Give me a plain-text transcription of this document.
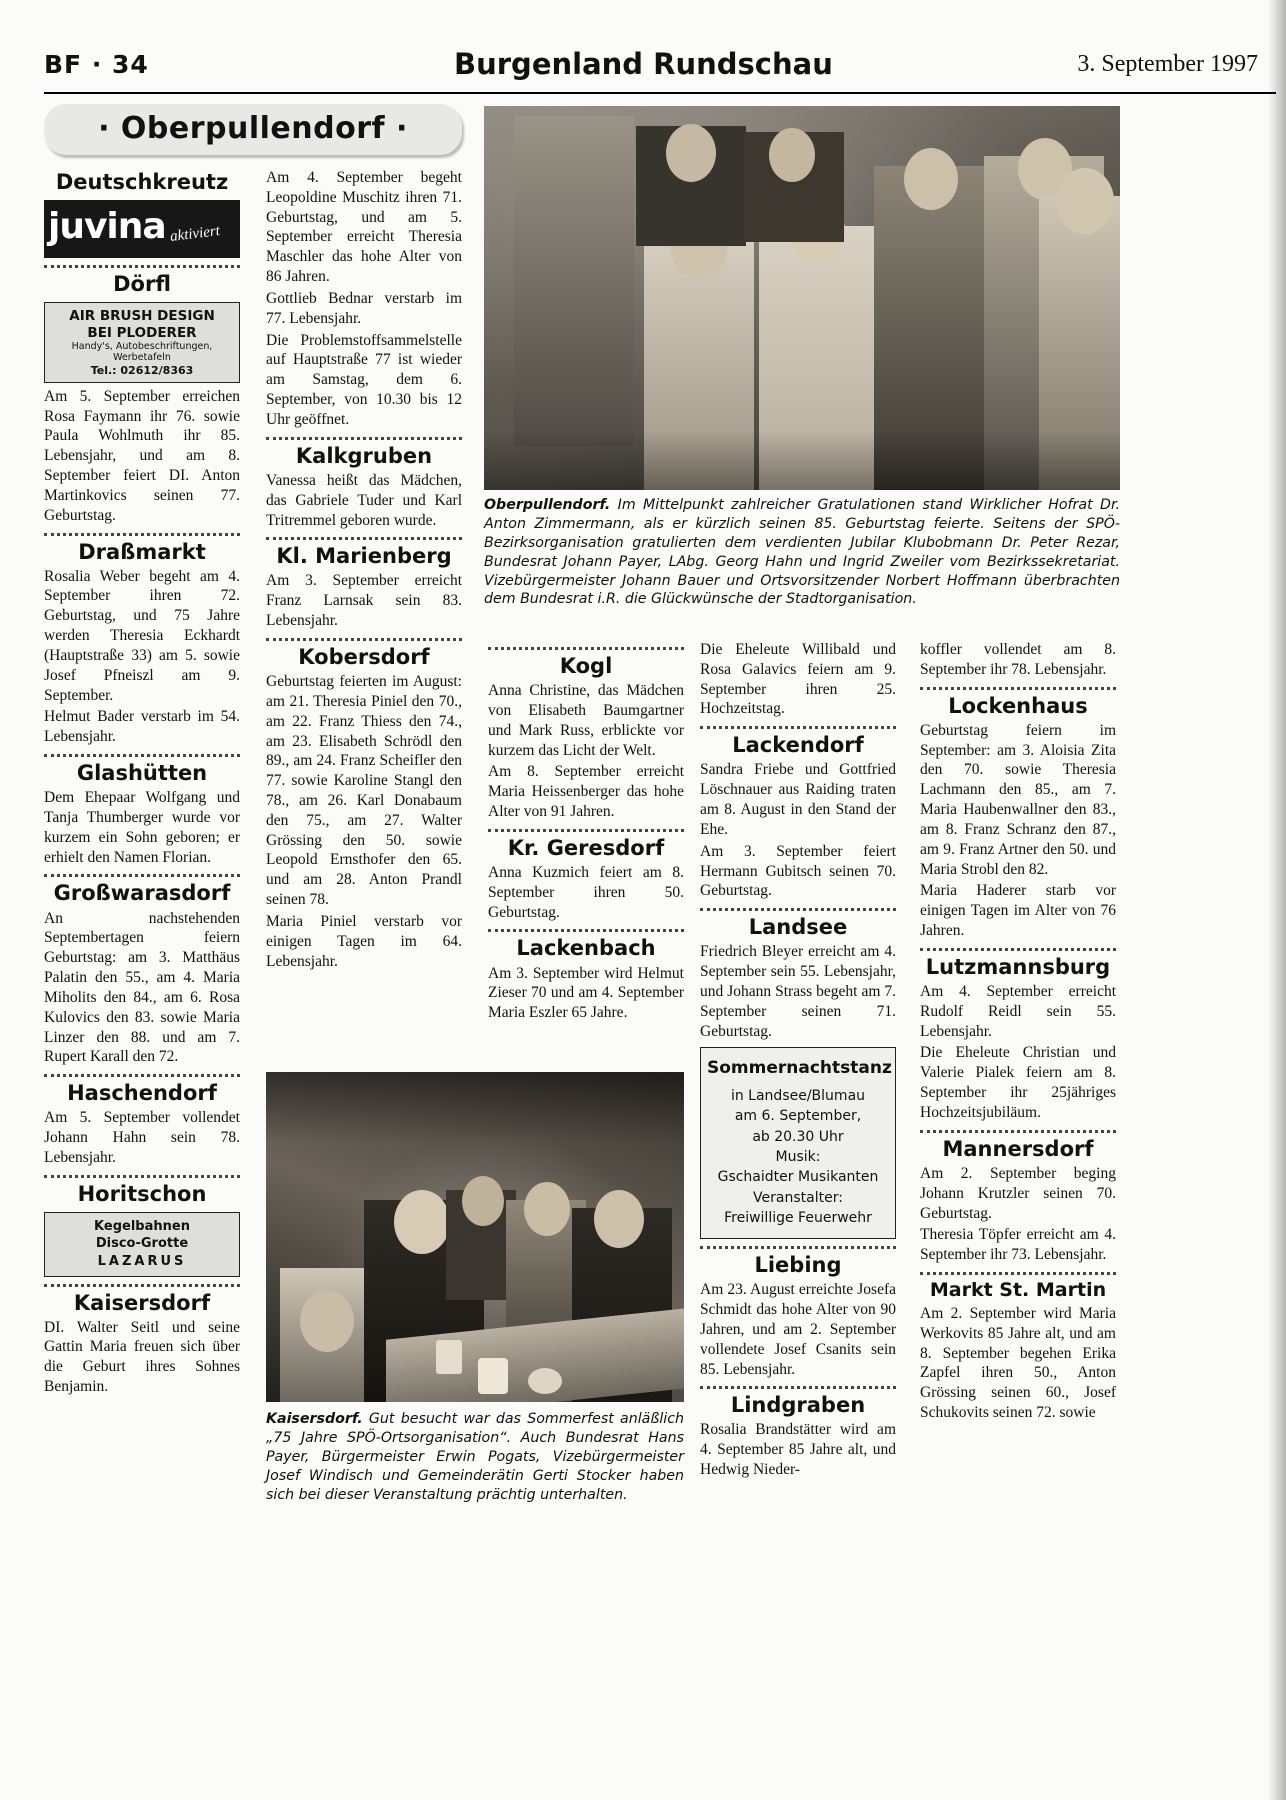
BF · 34	Burgenland Rundschau	3. September 1997
· Oberpullendorf ·
Deutschkreutz
juvina aktiviert
Dörfl
AIR BRUSH DESIGN
BEI PLODERER
Handy's, Autobeschriftungen, Werbetafeln
Tel.: 02612/8363

Am 5. September erreichen Rosa Faymann ihr 76. sowie Paula Wohlmuth ihr 85. Lebensjahr, und am 8. September feiert DI. Anton Martinkovics seinen 77. Geburtstag.

Draßmarkt

Rosalia Weber begeht am 4. September ihren 72. Geburtstag, und 75 Jahre werden Theresia Eckhardt (Hauptstraße 33) am 5. sowie Josef Pfneiszl am 9. September.

Helmut Bader verstarb im 54. Lebensjahr.

Glashütten

Dem Ehepaar Wolfgang und Tanja Thumberger wurde vor kurzem ein Sohn geboren; er erhielt den Namen Florian.

Großwarasdorf

An nachstehenden Septembertagen feiern Geburtstag: am 3. Matthäus Palatin den 55., am 4. Maria Miholits den 84., am 6. Rosa Kulovics den 83. sowie Maria Linzer den 88. und am 7. Rupert Karall den 72.

Haschendorf

Am 5. September vollendet Johann Hahn sein 78. Lebensjahr.

Horitschon
Kegelbahnen
Disco-Grotte
LAZARUS
Kaisersdorf

DI. Walter Seitl und seine Gattin Maria freuen sich über die Geburt ihres Sohnes Benjamin.

Am 4. September begeht Leopoldine Muschitz ihren 71. Geburtstag, und am 5. September erreicht Theresia Maschler das hohe Alter von 86 Jahren.

Gottlieb Bednar verstarb im 77. Lebensjahr.

Die Problemstoffsammelstelle auf Hauptstraße 77 ist wieder am Samstag, dem 6. September, von 10.30 bis 12 Uhr geöffnet.

Kalkgruben

Vanessa heißt das Mädchen, das Gabriele Tuder und Karl Tritremmel geboren wurde.

Kl. Marienberg

Am 3. September erreicht Franz Larnsak sein 83. Lebensjahr.

Kobersdorf

Geburtstag feierten im August: am 21. Theresia Piniel den 70., am 22. Franz Thiess den 74., am 23. Elisabeth Schrödl den 89., am 24. Franz Scheifler den 77. sowie Karoline Stangl den 78., am 26. Karl Donabaum den 75., am 27. Walter Grössing den 50. sowie Leopold Ernsthofer den 65. und am 28. Anton Prandl seinen 78.

Maria Piniel verstarb vor einigen Tagen im 64. Lebensjahr.

Kogl

Anna Christine, das Mädchen von Elisabeth Baumgartner und Mark Russ, erblickte vor kurzem das Licht der Welt.

Am 8. September erreicht Maria Heissenberger das hohe Alter von 91 Jahren.

Kr. Geresdorf

Anna Kuzmich feiert am 8. September ihren 50. Geburtstag.

Lackenbach

Am 3. September wird Helmut Zieser 70 und am 4. September Maria Eszler 65 Jahre.

Die Eheleute Willibald und Rosa Galavics feiern am 9. September ihren 25. Hochzeitstag.

Lackendorf

Sandra Friebe und Gottfried Löschnauer aus Raiding traten am 8. August in den Stand der Ehe.

Am 3. September feiert Hermann Gubitsch seinen 70. Geburtstag.

Landsee

Friedrich Bleyer erreicht am 4. September sein 55. Lebensjahr, und Johann Strass begeht am 7. September seinen 71. Geburtstag.

Sommernachtstanz
in Landsee/Blumau
am 6. September,
ab 20.30 Uhr
Musik:
Gschaidter Musikanten
Veranstalter:
Freiwillige Feuerwehr
Liebing

Am 23. August erreichte Josefa Schmidt das hohe Alter von 90 Jahren, und am 2. September vollendete Josef Csanits sein 85. Lebensjahr.

Lindgraben

Rosalia Brandstätter wird am 4. September 85 Jahre alt, und Hedwig Nieder-

koffler vollendet am 8. September ihr 78. Lebensjahr.

Lockenhaus

Geburtstag feiern im September: am 3. Aloisia Zita den 70. sowie Theresia Lachmann den 85., am 7. Maria Haubenwallner den 83., am 8. Franz Schranz den 87., am 9. Franz Artner den 50. und Maria Strobl den 82.

Maria Haderer starb vor einigen Tagen im Alter von 76 Jahren.

Lutzmannsburg

Am 4. September erreicht Rudolf Reidl sein 55. Lebensjahr.

Die Eheleute Christian und Valerie Pialek feiern am 8. September ihr 25jähriges Hochzeitsjubiläum.

Mannersdorf

Am 2. September beging Johann Krutzler seinen 70. Geburtstag.

Theresia Töpfer erreicht am 4. September ihr 73. Lebensjahr.

Markt St. Martin

Am 2. September wird Maria Werkovits 85 Jahre alt, und am 8. September begehen Erika Zapfel ihren 50., Anton Grössing seinen 60., Josef Schukovits seinen 72. sowie

Oberpullendorf. Im Mittelpunkt zahlreicher Gratulationen stand Wirklicher Hofrat Dr. Anton Zimmermann, als er kürzlich seinen 85. Geburtstag feierte. Seitens der SPÖ-Bezirksorganisation gratulierten dem verdienten Jubilar Klubobmann Dr. Peter Rezar, Bundesrat Johann Payer, LAbg. Georg Hahn und Ingrid Zweiler vom Bezirkssekretariat. Vizebürgermeister Johann Bauer und Ortsvorsitzender Norbert Hoffmann überbrachten dem Bundesrat i.R. die Glückwünsche der Stadtorganisation.
Kaisersdorf. Gut besucht war das Sommerfest anläßlich „75 Jahre SPÖ-Ortsorganisation“. Auch Bundesrat Hans Payer, Bürgermeister Erwin Pogats, Vizebürgermeister Josef Windisch und Gemeinderätin Gerti Stocker haben sich bei dieser Veranstaltung prächtig unterhalten.
